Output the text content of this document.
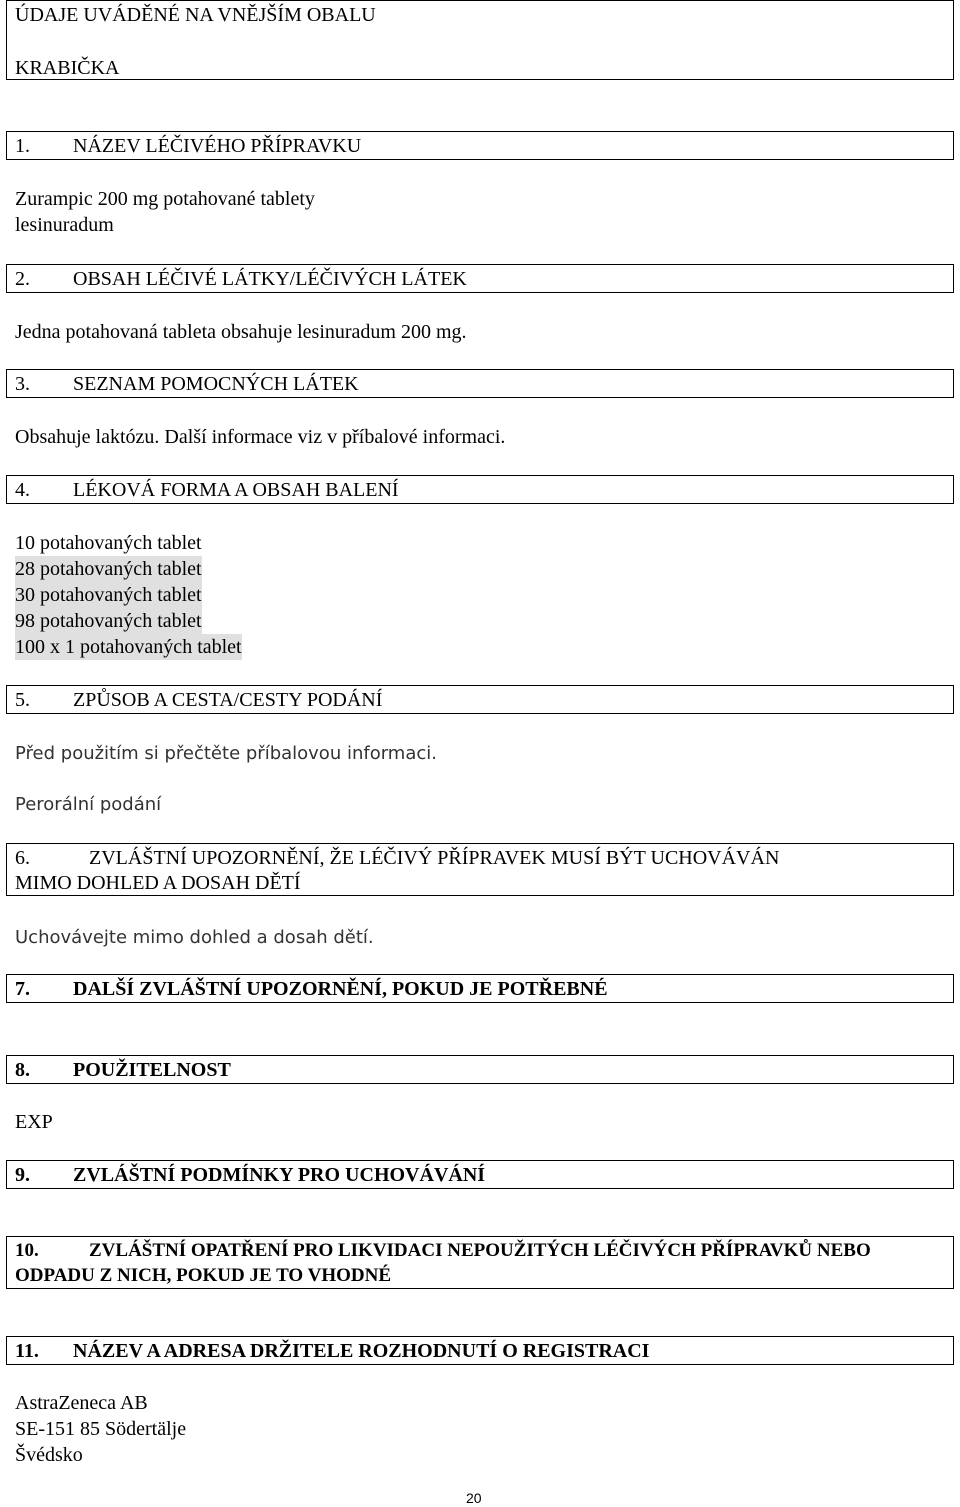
ÚDAJE UVÁDĚNÉ NA VNĚJŠÍM OBALU
KRABIČKA
1. NÁZEV LÉČIVÉHO PŘÍPRAVKU
Zurampic 200 mg potahované tablety
lesinuradum
2. OBSAH LÉČIVÉ LÁTKY/LÉČIVÝCH LÁTEK
Jedna potahovaná tableta obsahuje lesinuradum 200 mg.
3. SEZNAM POMOCNÝCH LÁTEK
Obsahuje laktózu. Další informace viz v příbalové informaci.
4. LÉKOVÁ FORMA A OBSAH BALENÍ
10 potahovaných tablet
28 potahovaných tablet
30 potahovaných tablet
98 potahovaných tablet
100 x 1 potahovaných tablet
5. ZPŮSOB A CESTA/CESTY PODÁNÍ
Před použitím si přečtěte příbalovou informaci.
Perorální podání
6.	ZVLÁŠTNÍ UPOZORNĚNÍ, ŽE LÉČIVÝ PŘÍPRAVEK MUSÍ BÝT UCHOVÁVÁN
MIMO DOHLED A DOSAH DĚTÍ
Uchovávejte mimo dohled a dosah dětí.
7. DALŠÍ ZVLÁŠTNÍ UPOZORNĚNÍ, POKUD JE POTŘEBNÉ
8. POUŽITELNOST
EXP
9. ZVLÁŠTNÍ PODMÍNKY PRO UCHOVÁVÁNÍ
10.	ZVLÁŠTNÍ OPATŘENÍ PRO LIKVIDACI NEPOUŽITÝCH LÉČIVÝCH PŘÍPRAVKŮ NEBO
ODPADU Z NICH, POKUD JE TO VHODNÉ
11. NÁZEV A ADRESA DRŽITELE ROZHODNUTÍ O REGISTRACI
AstraZeneca AB
SE-151 85 Södertälje
Švédsko
20
